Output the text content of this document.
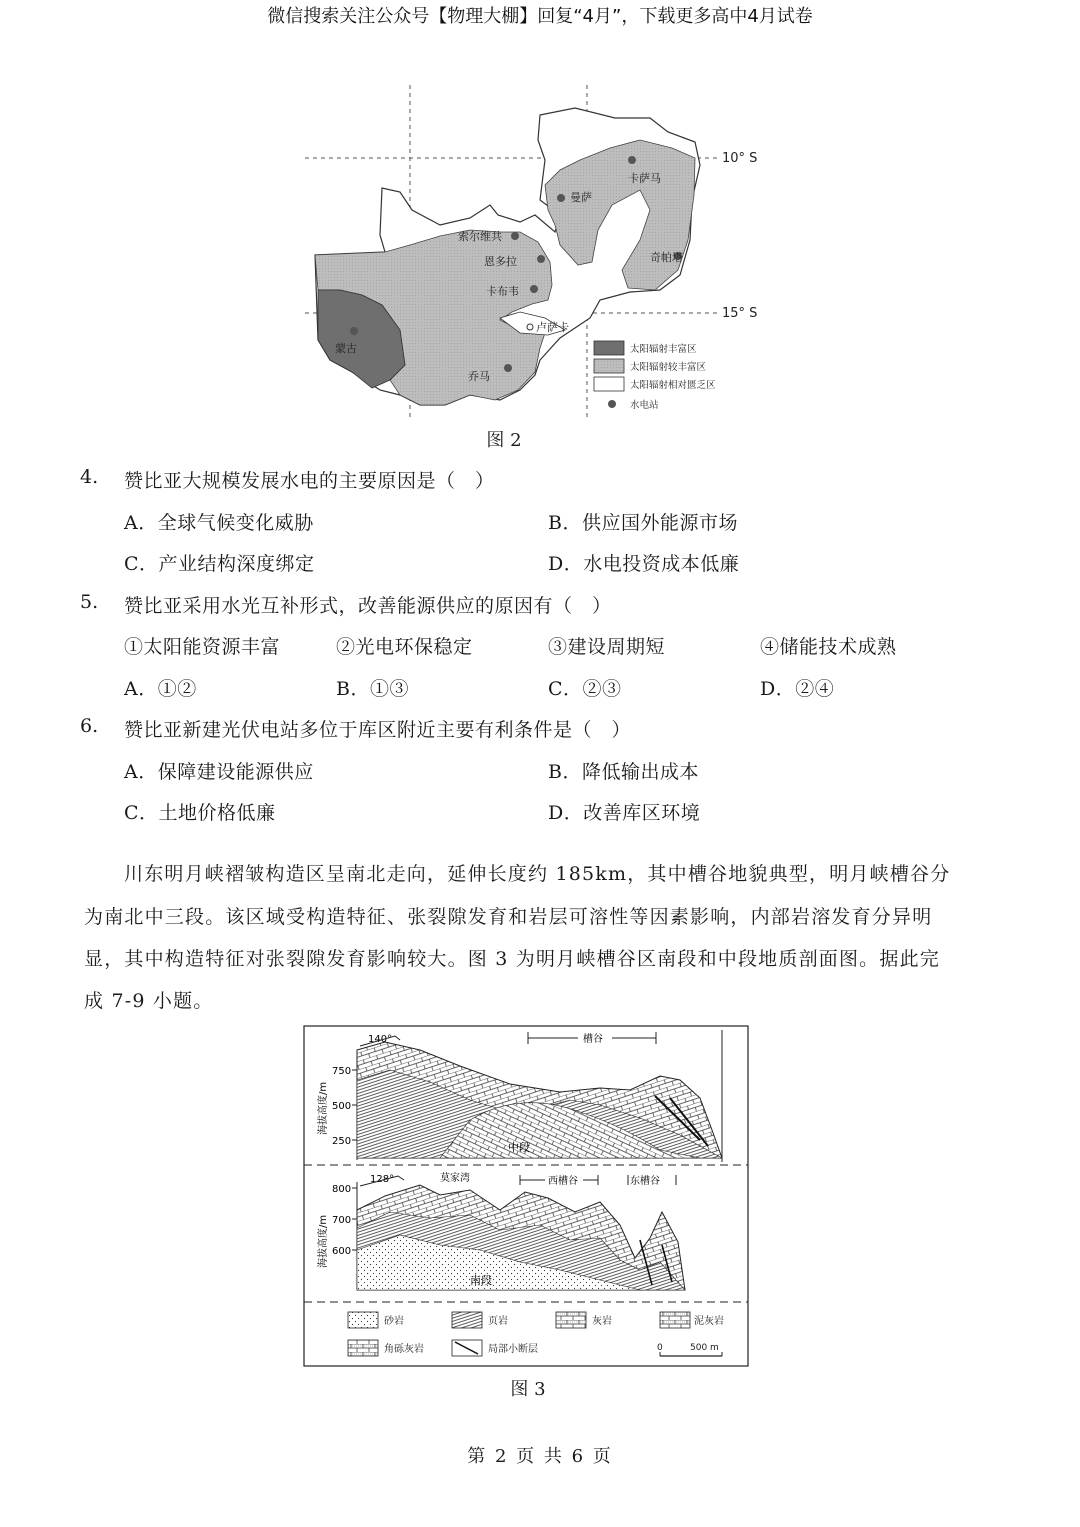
微信搜索关注公众号【物理大棚】回复“4月”，下载更多高中4月试卷
10° S
15° S
卡萨马
曼萨
索尔维共
恩多拉
卡布韦
奇帕塔
卢萨卡
蒙古
乔马
太阳辐射丰富区
太阳辐射较丰富区
太阳辐射相对匮乏区
水电站
图 2
4. 赞比亚大规模发展水电的主要原因是（　）
A．全球气候变化威胁	B．供应国外能源市场
C．产业结构深度绑定	D．水电投资成本低廉
5. 赞比亚采用水光互补形式，改善能源供应的原因有（　）
①太阳能资源丰富	②光电环保稳定	③建设周期短	④储能技术成熟
A．①②	B．①③	C．②③	D．②④
6. 赞比亚新建光伏电站多位于库区附近主要有利条件是（　）
A．保障建设能源供应	B．降低输出成本
C．土地价格低廉	D．改善库区环境
川东明月峡褶皱构造区呈南北走向，延伸长度约 185km，其中槽谷地貌典型，明月峡槽谷分
为南北中三段。该区域受构造特征、张裂隙发育和岩层可溶性等因素影响，内部岩溶发育分异明
显，其中构造特征对张裂隙发育影响较大。图 3 为明月峡槽谷区南段和中段地质剖面图。据此完
成 7-9 小题。
750
500
250
海拔高度/m
140°	槽谷
中段
800
700
600
海拔高度/m
128°	莫家湾	西槽谷	东槽谷
南段
砂岩	页岩	灰岩	泥灰岩
角砾灰岩	局部小断层	0	500 m
图 3
第 2 页 共 6 页
